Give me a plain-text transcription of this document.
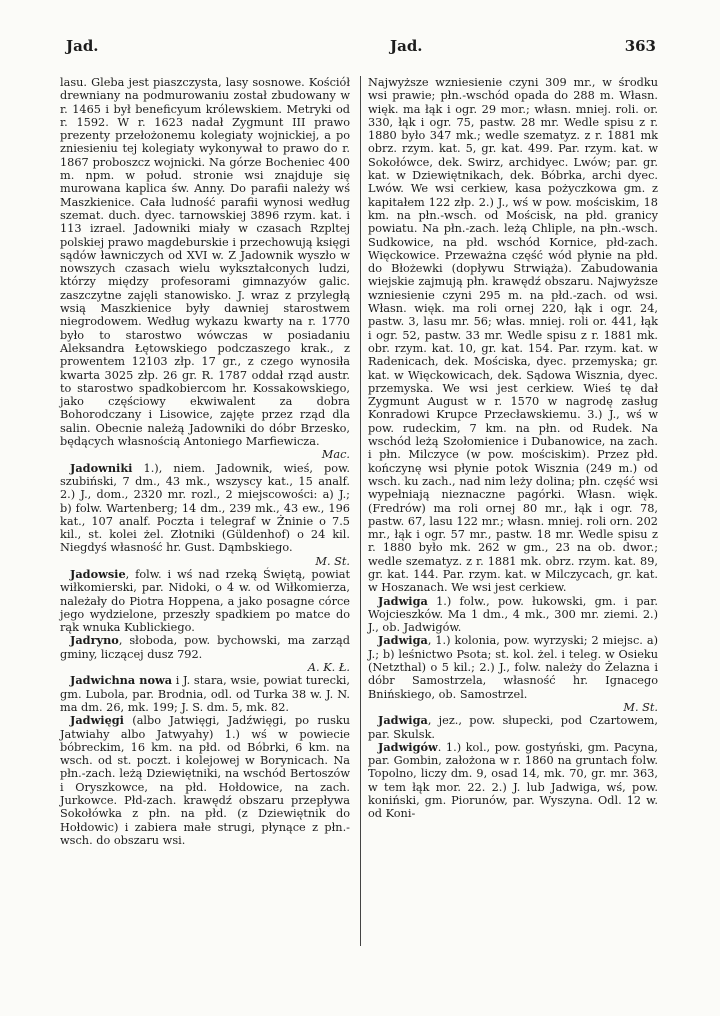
Jad.	Jad.	363

lasu. Gleba jest piaszczysta, lasy sosnowe. Kościół drewniany na podmurowaniu został zbudowany w r. 1465 i był beneficyum królewskiem. Metryki od r. 1592. W r. 1623 nadał Zygmunt III prawo prezenty przełożonemu kolegiaty wojnickiej, a po zniesieniu tej kolegiaty wykonywał to prawo do r. 1867 proboszcz wojnicki. Na górze Bocheniec 400 m. npm. w połud. stronie wsi znajduje się murowana kaplica św. Anny. Do parafii należy wś Maszkienice. Cała ludność parafii wynosi według szemat. duch. dyec. tarnowskiej 3896 rzym. kat. i 113 izrael. Jadowniki miały w czasach Rzpltej polskiej prawo magdeburskie i przechowują księgi sądów ławniczych od XVI w. Z Jadownik wyszło w nowszych czasach wielu wykształconych ludzi, którzy między profesorami gimnazyów galic. zaszczytne zajęli stanowisko. J. wraz z przyległą wsią Maszkienice były dawniej starostwem niegrodowem. Według wykazu kwarty na r. 1770 było to starostwo wówczas w posiadaniu Aleksandra Łętowskiego podczaszego krak., z prowentem 12103 złp. 17 gr., z czego wynosiła kwarta 3025 złp. 26 gr. R. 1787 oddał rząd austr. to starostwo spadkobiercom hr. Kossakowskiego, jako częściowy ekwiwalent za dobra Bohorodczany i Lisowice, zajęte przez rząd dla salin. Obecnie należą Jadowniki do dóbr Brzesko, będących własnością Antoniego Marfiewicza.

Mac.

Jadowniki 1.), niem. Jadownik, wieś, pow. szubiński, 7 dm., 43 mk., wszyscy kat., 15 analf. 2.) J., dom., 2320 mr. rozl., 2 miejscowości: a) J.; b) folw. Wartenberg; 14 dm., 239 mk., 43 ew., 196 kat., 107 analf. Poczta i telegraf w Żninie o 7.5 kil., st. kolei żel. Złotniki (Güldenhof) o 24 kil. Niegdyś własność hr. Gust. Dąmbskiego.

M. St.

Jadowsie, folw. i wś nad rzeką Świętą, powiat wiłkomierski, par. Nidoki, o 4 w. od Wiłkomierza, należały do Piotra Hoppena, a jako posagne córce jego wydzielone, przeszły spadkiem po matce do rąk wnuka Kublickiego.

Jadryno, słoboda, pow. bychowski, ma zarząd gminy, liczącej dusz 792.

A. K. Ł.

Jadwichna nowa i J. stara, wsie, powiat turecki, gm. Lubola, par. Brodnia, odl. od Turka 38 w. J. N. ma dm. 26, mk. 199; J. S. dm. 5, mk. 82.

Jadwięgi (albo Jatwięgi, Jadźwięgi, po rusku Jatwiahy albo Jatwyahy) 1.) wś w powiecie bóbreckim, 16 km. na płd. od Bóbrki, 6 km. na wsch. od st. poczt. i kolejowej w Borynicach. Na płn.-zach. leżą Dziewiętniki, na wschód Bertoszów i Oryszkowce, na płd. Hołdowice, na zach. Jurkowce. Płd-zach. krawędź obszaru przepływa Sokołówka z płn. na płd. (z Dziewiętnik do Hołdowic) i zabiera małe strugi, płynące z płn.-wsch. do obszaru wsi.

Najwyższe wzniesienie czyni 309 mr., w środku wsi prawie; płn.-wschód opada do 288 m. Własn. więk. ma łąk i ogr. 29 mor.; własn. mniej. roli. or. 330, łąk i ogr. 75, pastw. 28 mr. Wedle spisu z r. 1880 było 347 mk.; wedle szematyz. z r. 1881 mk obrz. rzym. kat. 5, gr. kat. 499. Par. rzym. kat. w Sokołówce, dek. Swirz, archidyec. Lwów; par. gr. kat. w Dziewiętnikach, dek. Bóbrka, archi dyec. Lwów. We wsi cerkiew, kasa pożyczkowa gm. z kapitałem 122 złp. 2.) J., wś w pow. mościskim, 18 km. na płn.-wsch. od Mościsk, na płd. granicy powiatu. Na płn.-zach. leżą Chliple, na płn.-wsch. Sudkowice, na płd. wschód Kornice, płd-zach. Więckowice. Przeważna część wód płynie na płd. do Błożewki (dopływu Strwiąża). Zabudowania wiejskie zajmują płn. krawędź obszaru. Najwyższe wzniesienie czyni 295 m. na płd.-zach. od wsi. Własn. więk. ma roli ornej 220, łąk i ogr. 24, pastw. 3, lasu mr. 56; włas. mniej. roli or. 441, łąk i ogr. 52, pastw. 33 mr. Wedle spisu z r. 1881 mk. obr. rzym. kat. 10, gr. kat. 154. Par. rzym. kat. w Radenicach, dek. Mościska, dyec. przemyska; gr. kat. w Więckowicach, dek. Sądowa Wisznia, dyec. przemyska. We wsi jest cerkiew. Wieś tę dał Zygmunt August w r. 1570 w nagrodę zasług Konradowi Krupce Przecławskiemu. 3.) J., wś w pow. rudeckim, 7 km. na płn. od Rudek. Na wschód leżą Szołomienice i Dubanowice, na zach. i płn. Milczyce (w pow. mościskim). Przez płd. kończynę wsi płynie potok Wisznia (249 m.) od wsch. ku zach., nad nim leży dolina; płn. część wsi wypełniają nieznaczne pagórki. Własn. więk. (Fredrów) ma roli ornej 80 mr., łąk i ogr. 78, pastw. 67, lasu 122 mr.; własn. mniej. roli orn. 202 mr., łąk i ogr. 57 mr., pastw. 18 mr. Wedle spisu z r. 1880 było mk. 262 w gm., 23 na ob. dwor.; wedle szematyz. z r. 1881 mk. obrz. rzym. kat. 89, gr. kat. 144. Par. rzym. kat. w Milczycach, gr. kat. w Hoszanach. We wsi jest cerkiew.

Jadwiga 1.) folw., pow. łukowski, gm. i par. Wojcieszków. Ma 1 dm., 4 mk., 300 mr. ziemi. 2.) J., ob. Jadwigów.

Jadwiga, 1.) kolonia, pow. wyrzyski; 2 miejsc. a) J.; b) leśnictwo Psota; st. kol. żel. i teleg. w Osieku (Netzthal) o 5 kil.; 2.) J., folw. należy do Żelazna i dóbr Samostrzela, własność hr. Ignacego Bnińskiego, ob. Samostrzel.

M. St.

Jadwiga, jez., pow. słupecki, pod Czartowem, par. Skulsk.

Jadwigów. 1.) kol., pow. gostyński, gm. Pacyna, par. Gombin, założona w r. 1860 na gruntach folw. Topolno, liczy dm. 9, osad 14, mk. 70, gr. mr. 363, w tem łąk mor. 22. 2.) J. lub Jadwiga, wś, pow. koniński, gm. Piorunów, par. Wyszyna. Odl. 12 w. od Koni-
